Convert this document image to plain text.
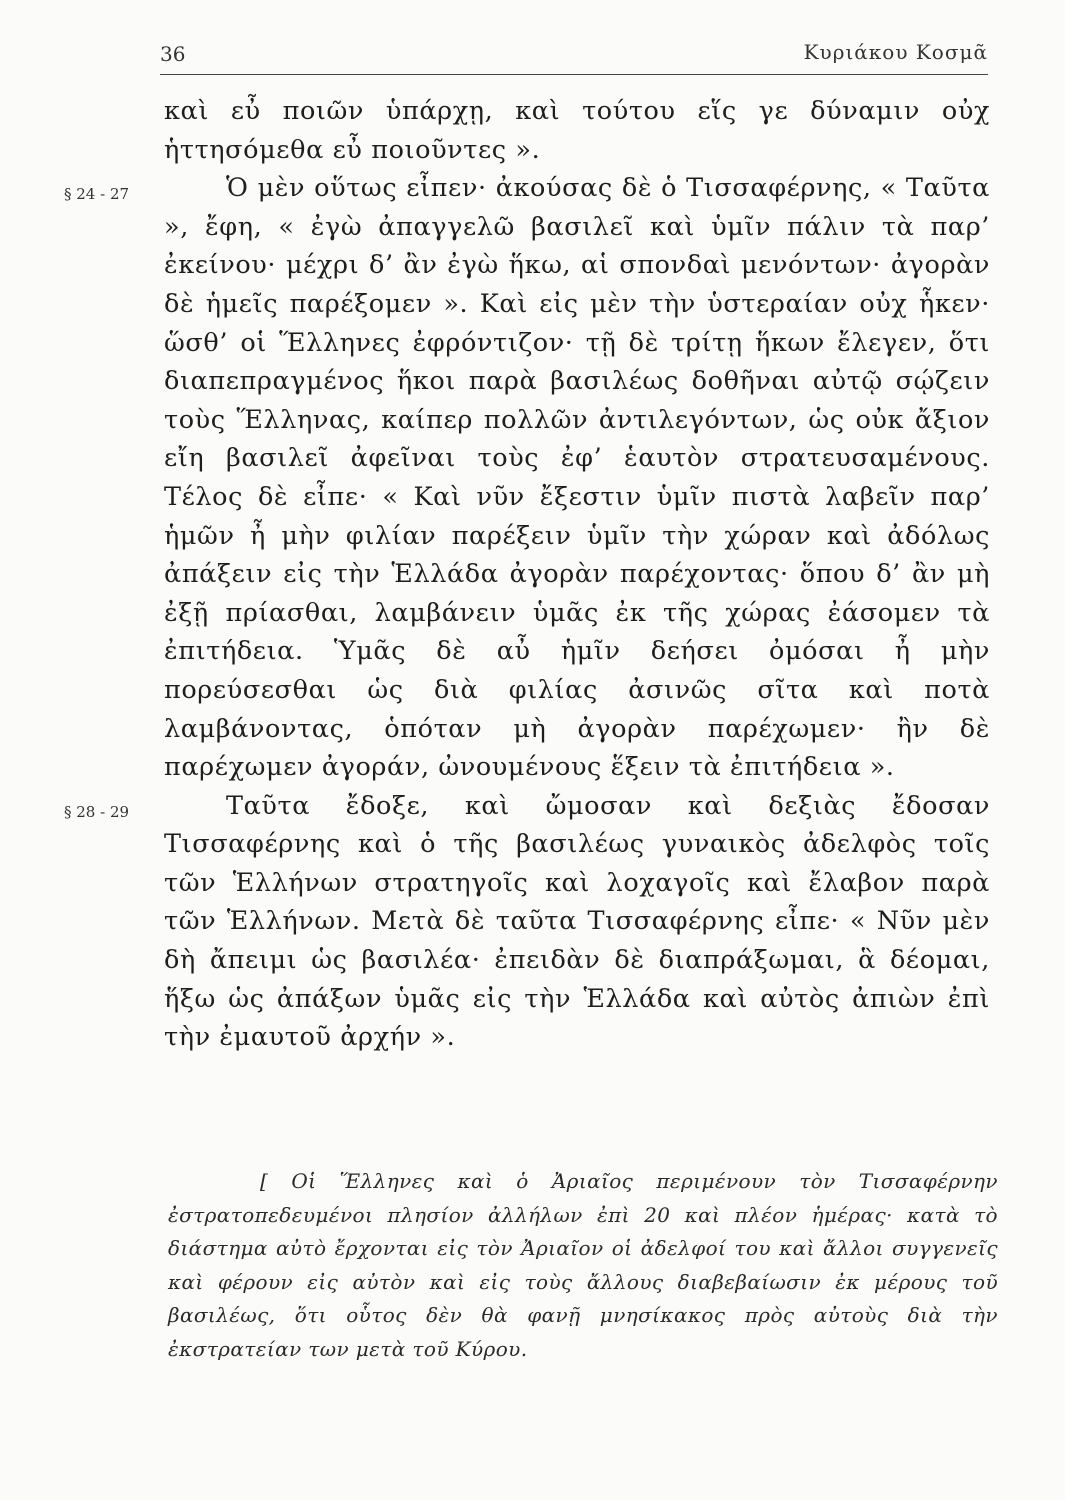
36	Κυριάκου Κοσμᾶ

καὶ εὖ ποιῶν ὑπάρχῃ, καὶ τούτου εἵς γε δύναμιν οὐχ ἡττησόμεθα εὖ ποιοῦντες ».

§ 24 - 27	Ὁ μὲν οὕτως εἶπεν· ἀκούσας δὲ ὁ Τισσαφέρνης, « Ταῦτα », ἔφη, « ἐγὼ ἀπαγγελῶ βασιλεῖ καὶ ὑμῖν πάλιν τὰ παρ’ ἐκείνου· μέχρι δ’ ἂν ἐγὼ ἥκω, αἱ σπονδαὶ μενόντων· ἀγορὰν δὲ ἡμεῖς παρέξομεν ». Καὶ εἰς μὲν τὴν ὑστεραίαν οὐχ ἧκεν· ὥσθ’ οἱ Ἕλληνες ἐφρόντιζον· τῇ δὲ τρίτῃ ἥκων ἔλεγεν, ὅτι διαπεπραγμένος ἥκοι παρὰ βασιλέως δοθῆναι αὐτῷ σῴζειν τοὺς Ἕλληνας, καίπερ πολλῶν ἀντιλεγόντων, ὡς οὐκ ἄξιον εἴη βασιλεῖ ἀφεῖναι τοὺς ἐφ’ ἑαυτὸν στρατευσαμένους. Τέλος δὲ εἶπε· « Καὶ νῦν ἔξεστιν ὑμῖν πιστὰ λαβεῖν παρ’ ἡμῶν ἦ μὴν φιλίαν παρέξειν ὑμῖν τὴν χώραν καὶ ἀδόλως ἀπάξειν εἰς τὴν Ἑλλάδα ἀγορὰν παρέχοντας· ὅπου δ’ ἂν μὴ ἐξῇ πρίασθαι, λαμβάνειν ὑμᾶς ἐκ τῆς χώρας ἐάσομεν τὰ ἐπιτήδεια. Ὑμᾶς δὲ αὖ ἡμῖν δεήσει ὀμόσαι ἦ μὴν πορεύσεσθαι ὡς διὰ φιλίας ἀσινῶς σῖτα καὶ ποτὰ λαμβάνοντας, ὁπόταν μὴ ἀγορὰν παρέχωμεν· ἢν δὲ παρέχωμεν ἀγοράν, ὠνουμένους ἕξειν τὰ ἐπιτήδεια ».

§ 28 - 29	Ταῦτα ἔδοξε, καὶ ὤμοσαν καὶ δεξιὰς ἔδοσαν Τισσαφέρνης καὶ ὁ τῆς βασιλέως γυναικὸς ἀδελφὸς τοῖς τῶν Ἑλλήνων στρατηγοῖς καὶ λοχαγοῖς καὶ ἔλαβον παρὰ τῶν Ἑλλήνων. Μετὰ δὲ ταῦτα Τισσαφέρνης εἶπε· « Νῦν μὲν δὴ ἄπειμι ὡς βασιλέα· ἐπειδὰν δὲ διαπράξωμαι, ἃ δέομαι, ἥξω ὡς ἀπάξων ὑμᾶς εἰς τὴν Ἑλλάδα καὶ αὐτὸς ἀπιὼν ἐπὶ τὴν ἐμαυτοῦ ἀρχήν ».

[ Οἱ Ἕλληνες καὶ ὁ Ἀριαῖος περιμένουν τὸν Τισσαφέρνην ἐστρατοπεδευμένοι πλησίον ἀλλήλων ἐπὶ 20 καὶ πλέον ἡμέρας· κατὰ τὸ διάστημα αὐτὸ ἔρχονται εἰς τὸν Ἀριαῖον οἱ ἀδελφοί του καὶ ἄλλοι συγγενεῖς καὶ φέρουν εἰς αὐτὸν καὶ εἰς τοὺς ἄλλους διαβεβαίωσιν ἐκ μέρους τοῦ βασιλέως, ὅτι οὗτος δὲν θὰ φανῇ μνησίκακος πρὸς αὐτοὺς διὰ τὴν ἐκστρατείαν των μετὰ τοῦ Κύρου.
